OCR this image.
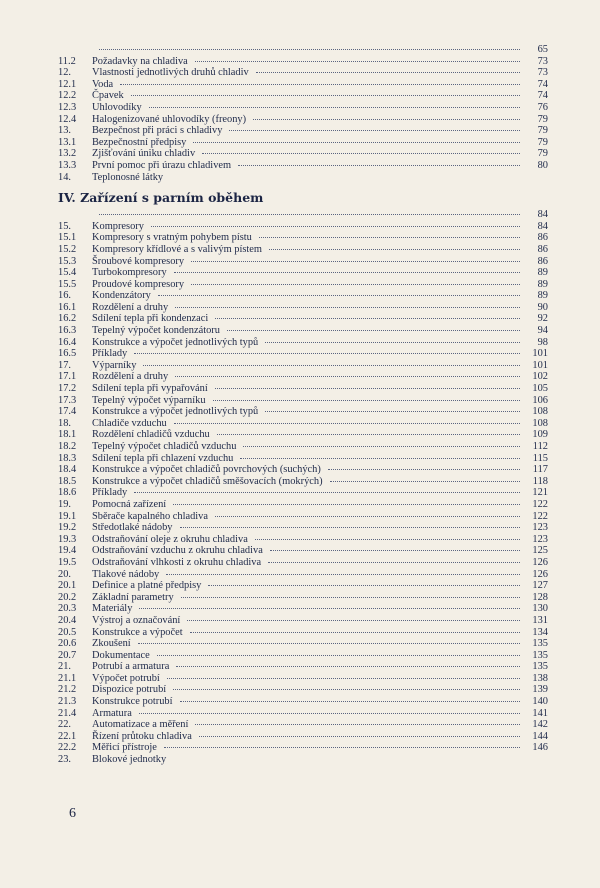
65
11.2	Požadavky na chladiva	73
12.	Vlastnosti jednotlivých druhů chladiv	73
12.1	Voda	74
12.2	Čpavek	74
12.3	Uhlovodíky	76
12.4	Halogenizované uhlovodíky (freony)	79
13.	Bezpečnost při práci s chladivy	79
13.1	Bezpečnostní předpisy	79
13.2	Zjišťování úniku chladiv	79
13.3	První pomoc při úrazu chladivem	80
14.	Teplonosné látky
IV. Zařízení s parním oběhem
84
15.	Kompresory	84
15.1	Kompresory s vratným pohybem pístu	86
15.2	Kompresory křídlové a s valivým pístem	86
15.3	Šroubové kompresory	86
15.4	Turbokompresory	89
15.5	Proudové kompresory	89
16.	Kondenzátory	89
16.1	Rozdělení a druhy	90
16.2	Sdílení tepla při kondenzaci	92
16.3	Tepelný výpočet kondenzátoru	94
16.4	Konstrukce a výpočet jednotlivých typů	98
16.5	Příklady	101
17.	Výparníky	101
17.1	Rozdělení a druhy	102
17.2	Sdílení tepla při vypařování	105
17.3	Tepelný výpočet výparníku	106
17.4	Konstrukce a výpočet jednotlivých typů	108
18.	Chladiče vzduchu	108
18.1	Rozdělení chladičů vzduchu	109
18.2	Tepelný výpočet chladičů vzduchu	112
18.3	Sdílení tepla při chlazení vzduchu	115
18.4	Konstrukce a výpočet chladičů povrchových (suchých)	117
18.5	Konstrukce a výpočet chladičů směšovacích (mokrých)	118
18.6	Příklady	121
19.	Pomocná zařízení	122
19.1	Sběrače kapalného chladiva	122
19.2	Středotlaké nádoby	123
19.3	Odstraňování oleje z okruhu chladiva	123
19.4	Odstraňování vzduchu z okruhu chladiva	125
19.5	Odstraňování vlhkosti z okruhu chladiva	126
20.	Tlakové nádoby	126
20.1	Definice a platné předpisy	127
20.2	Základní parametry	128
20.3	Materiály	130
20.4	Výstroj a označování	131
20.5	Konstrukce a výpočet	134
20.6	Zkoušení	135
20.7	Dokumentace	135
21.	Potrubí a armatura	135
21.1	Výpočet potrubí	138
21.2	Dispozice potrubí	139
21.3	Konstrukce potrubí	140
21.4	Armatura	141
22.	Automatizace a měření	142
22.1	Řízení průtoku chladiva	144
22.2	Měřicí přístroje	146
23.	Blokové jednotky
6
